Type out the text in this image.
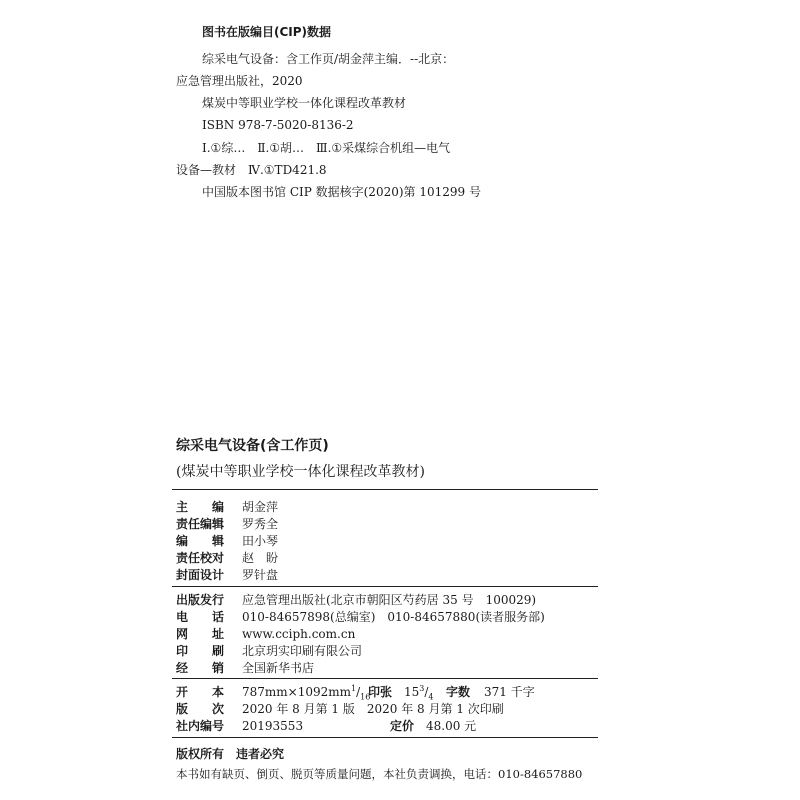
图书在版编目(CIP)数据
综采电气设备：含工作页/胡金萍主编．--北京：
应急管理出版社，2020
煤炭中等职业学校一体化课程改革教材
ISBN 978-7-5020-8136-2
Ⅰ.①综…　Ⅱ.①胡…　Ⅲ.①采煤综合机组—电气
设备—教材　Ⅳ.①TD421.8
中国版本图书馆 CIP 数据核字(2020)第 101299 号
综采电气设备(含工作页)
(煤炭中等职业学校一体化课程改革教材)
主　　编 胡金萍
责任编辑 罗秀全
编　　辑 田小琴
责任校对 赵　盼
封面设计 罗针盘
出版发行 应急管理出版社(北京市朝阳区芍药居 35 号　100029)
电　　话 010-84657898(总编室)　010-84657880(读者服务部)
网　　址 www.cciph.com.cn
印　　刷 北京玥实印刷有限公司
经　　销 全国新华书店
开　　本 $787mm\times 1092mm^1/_{16}$
印张 $15^3/_4$ 字数 371 千字
版　　次 2020 年 8 月第 1 版　2020 年 8 月第 1 次印刷
社内编号 20193553	定价 48.00 元
版权所有　违者必究
本书如有缺页、倒页、脱页等质量问题，本社负责调换，电话：010-84657880
